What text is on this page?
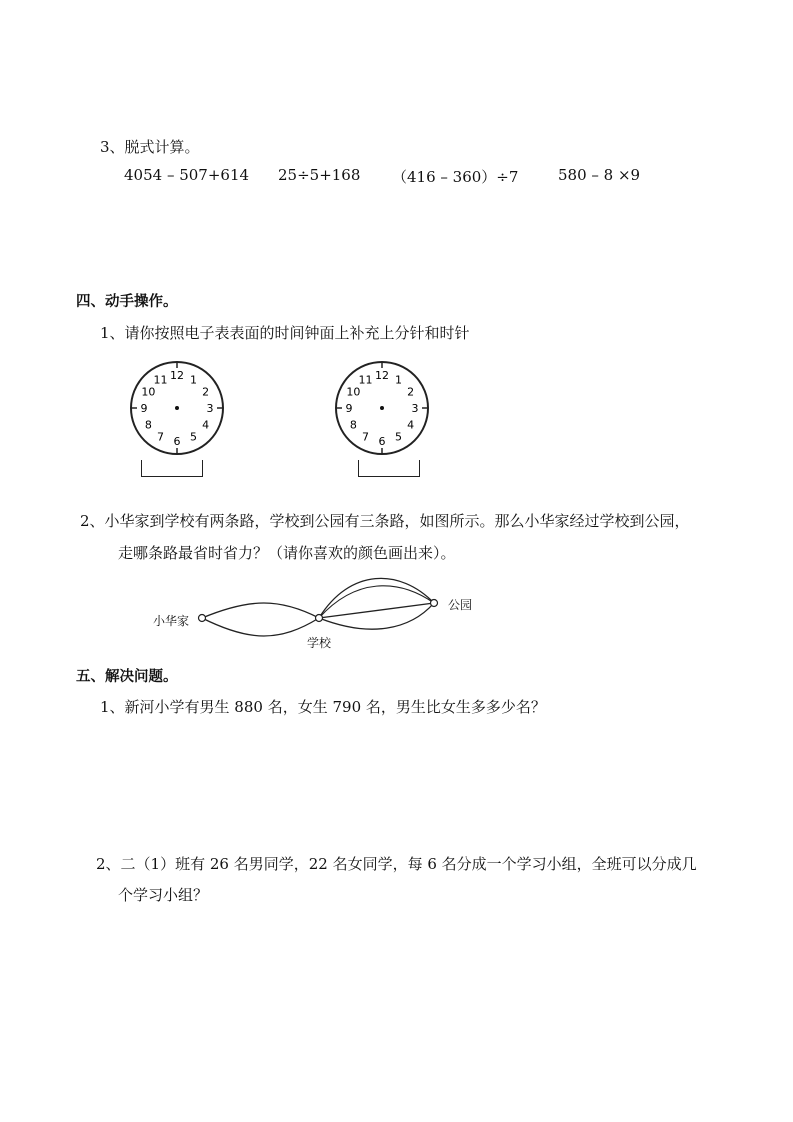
3、脱式计算。
4054 – 507+614 25÷5+168 （416 – 360）÷7	580 – 8 ×9
四、动手操作。
1、请你按照电子表表面的时间钟面上补充上分针和时针
12 1
2
3
4
5
6
7
8
9
10
11	12 1
2
3
4
5
6
7
8
9
10
11
2、小华家到学校有两条路，学校到公园有三条路，如图所示。那么小华家经过学校到公园，
走哪条路最省时省力？（请你喜欢的颜色画出来）。
小华家
学校
公园
五、解决问题。
1、新河小学有男生 880 名，女生 790 名，男生比女生多多少名？
2、二（1）班有 26 名男同学，22 名女同学，每 6 名分成一个学习小组，全班可以分成几
个学习小组？
